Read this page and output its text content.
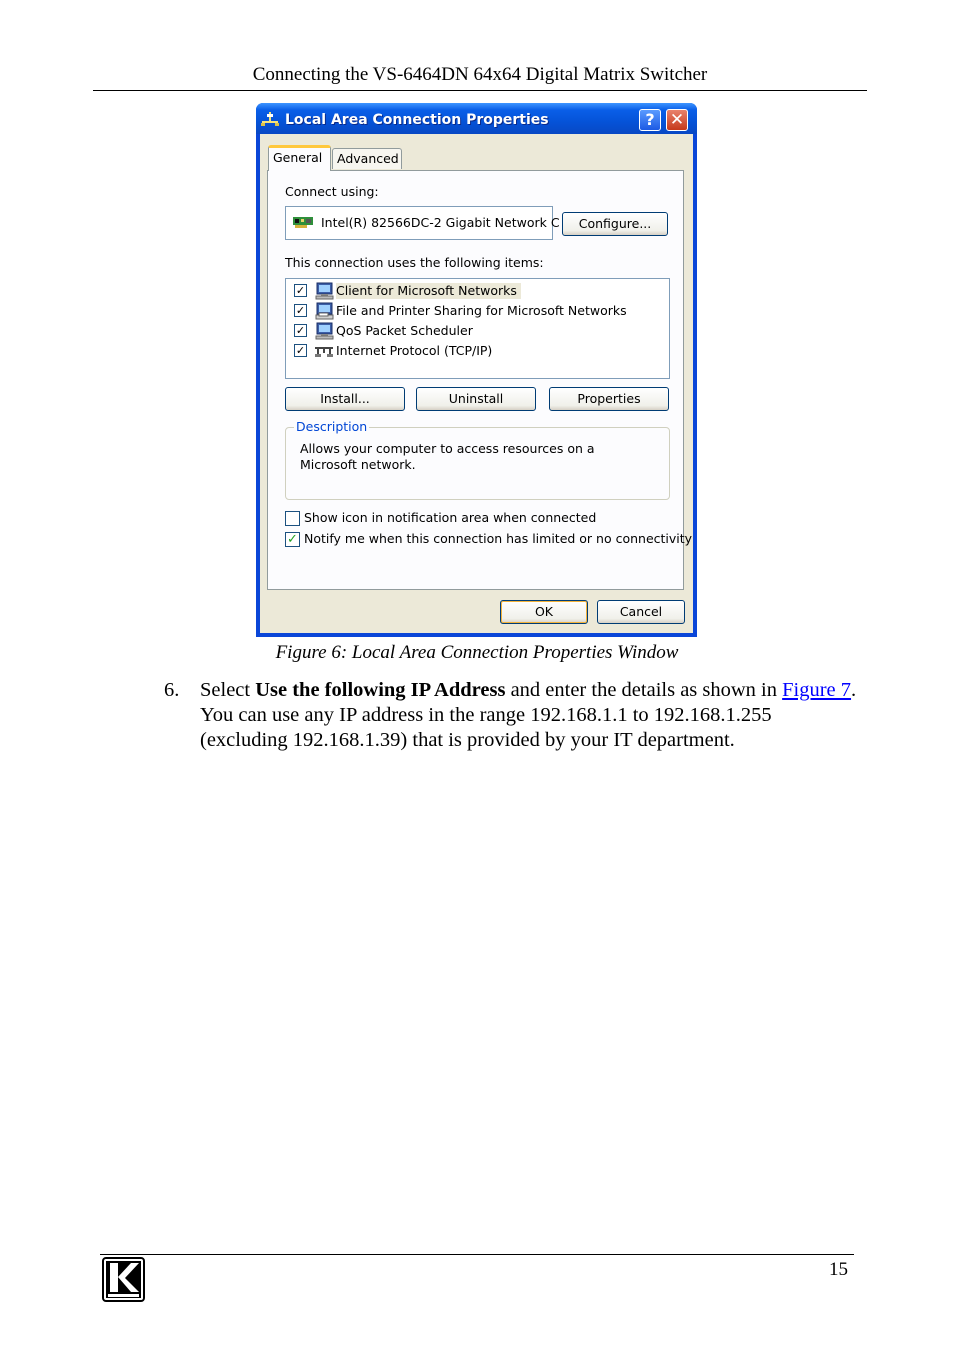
Connecting the VS-6464DN 64x64 Digital Matrix Switcher
Local Area Connection Properties	? ✕
General	Advanced
Connect using:
Intel(R) 82566DC-2 Gigabit Network C	Configure...
This connection uses the following items:
✓ Client for Microsoft Networks
✓ File and Printer Sharing for Microsoft Networks
✓ QoS Packet Scheduler
✓ Internet Protocol (TCP/IP)
Install...	Uninstall	Properties
Description
Allows your computer to access resources on a Microsoft network.
Show icon in notification area when connected
✓ Notify me when this connection has limited or no connectivity
OK	Cancel
Figure 6: Local Area Connection Properties Window
6. Select Use the following IP Address and enter the details as shown in Figure 7. You can use any IP address in the range 192.168.1.1 to 192.168.1.255 (excluding 192.168.1.39) that is provided by your IT department.
15
